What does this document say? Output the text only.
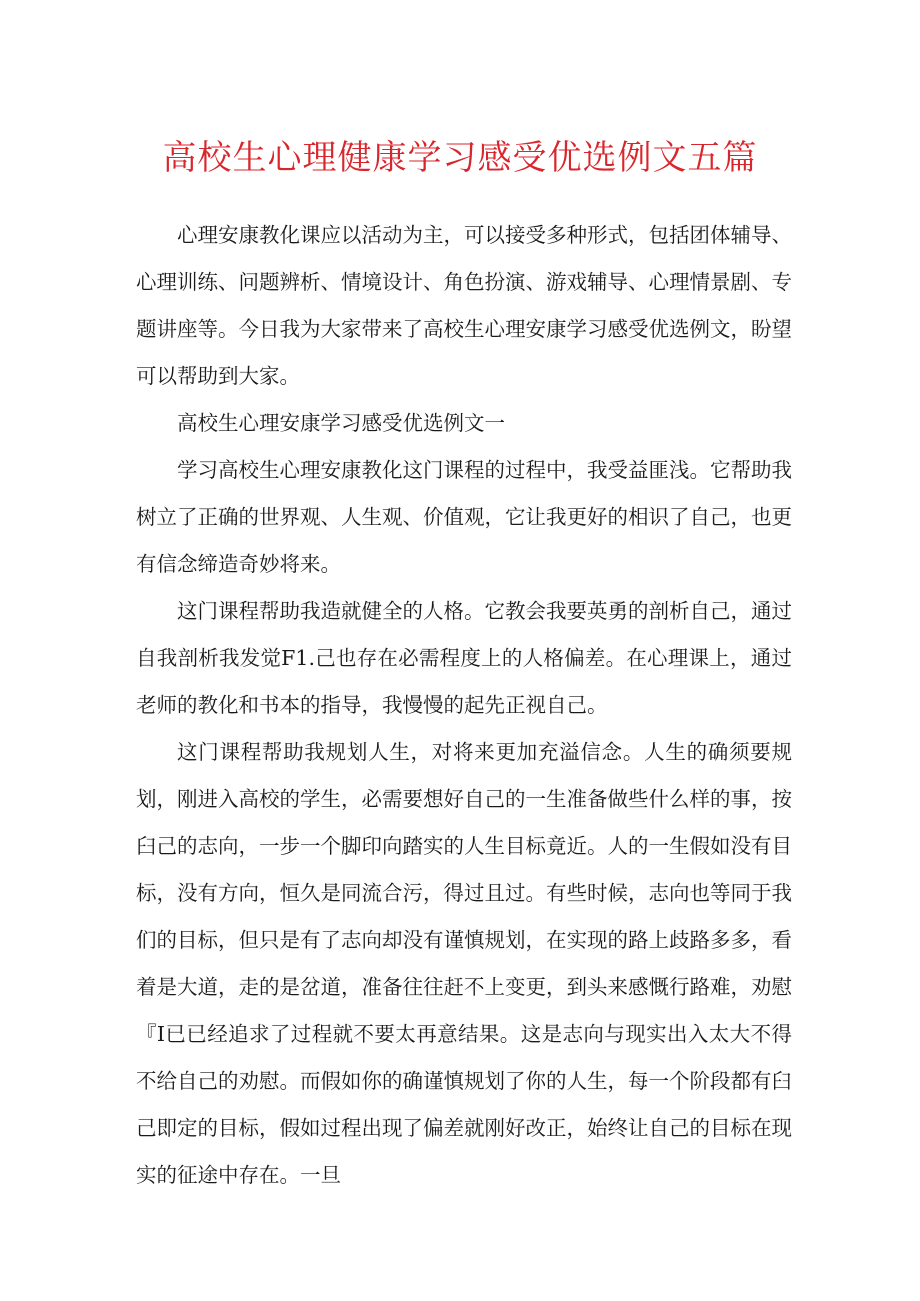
高校生心理健康学习感受优选例文五篇

心理安康教化课应以活动为主，可以接受多种形式，包括团体辅导、心理训练、问题辨析、情境设计、角色扮演、游戏辅导、心理情景剧、专题讲座等。今日我为大家带来了高校生心理安康学习感受优选例文，盼望可以帮助到大家。

高校生心理安康学习感受优选例文一

学习高校生心理安康教化这门课程的过程中，我受益匪浅。它帮助我树立了正确的世界观、人生观、价值观，它让我更好的相识了自己，也更有信念缔造奇妙将来。

这门课程帮助我造就健全的人格。它教会我要英勇的剖析自己，通过自我剖析我发觉F1.己也存在必需程度上的人格偏差。在心理课上，通过老师的教化和书本的指导，我慢慢的起先正视自己。

这门课程帮助我规划人生，对将来更加充溢信念。人生的确须要规划，刚进入高校的学生，必需要想好自己的一生准备做些什么样的事，按臼己的志向，一步一个脚印向踏实的人生目标竟近。人的一生假如没有目标，没有方向，恒久是同流合污，得过且过。有些时候，志向也等同于我们的目标，但只是有了志向却没有谨慎规划，在实现的路上歧路多多，看着是大道，走的是岔道，准备往往赶不上变更，到头来感慨行路难，劝慰『I已已经追求了过程就不要太再意结果。这是志向与现实出入太大不得不给自己的劝慰。而假如你的确谨慎规划了你的人生，每一个阶段都有臼己即定的目标，假如过程出现了偏差就刚好改正，始终让自己的目标在现实的征途中存在。一旦
